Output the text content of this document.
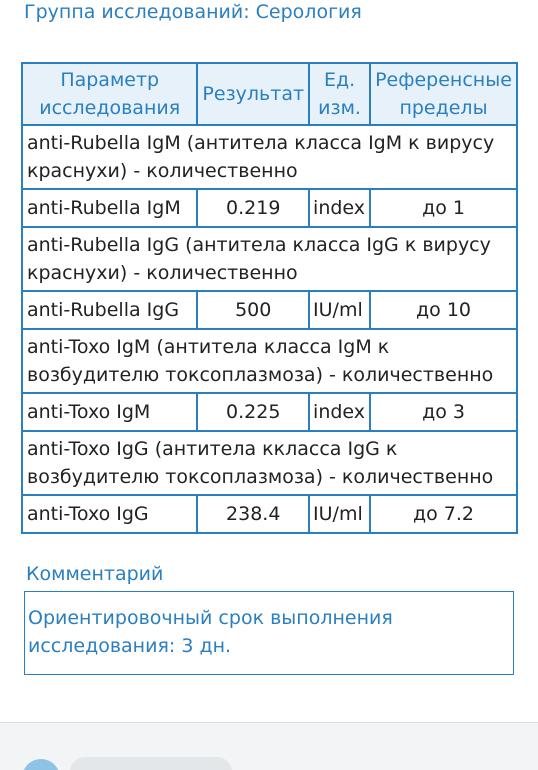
Группа исследований: Серология
Параметр исследования	Результат	Ед. изм.	Референсные пределы
anti-Rubella IgM (антитела класса IgM к вирусу краснухи) - количественно			
anti-Rubella IgM	0.219	index	до 1
anti-Rubella IgG (антитела класса IgG к вирусу краснухи) - количественно			
anti-Rubella IgG	500	IU/ml	до 10
anti-Toxo IgM (антитела класса IgM к возбудителю токсоплазмоза) - количественно			
anti-Toxo IgM	0.225	index	до 3
anti-Toxo IgG (антитела кклacca IgG к возбудителю токсоплазмоза) - количественно			
anti-Toxo IgG	238.4	IU/ml	до 7.2
Комментарий
Ориентировочный срок выполнения исследования: 3 дн.
